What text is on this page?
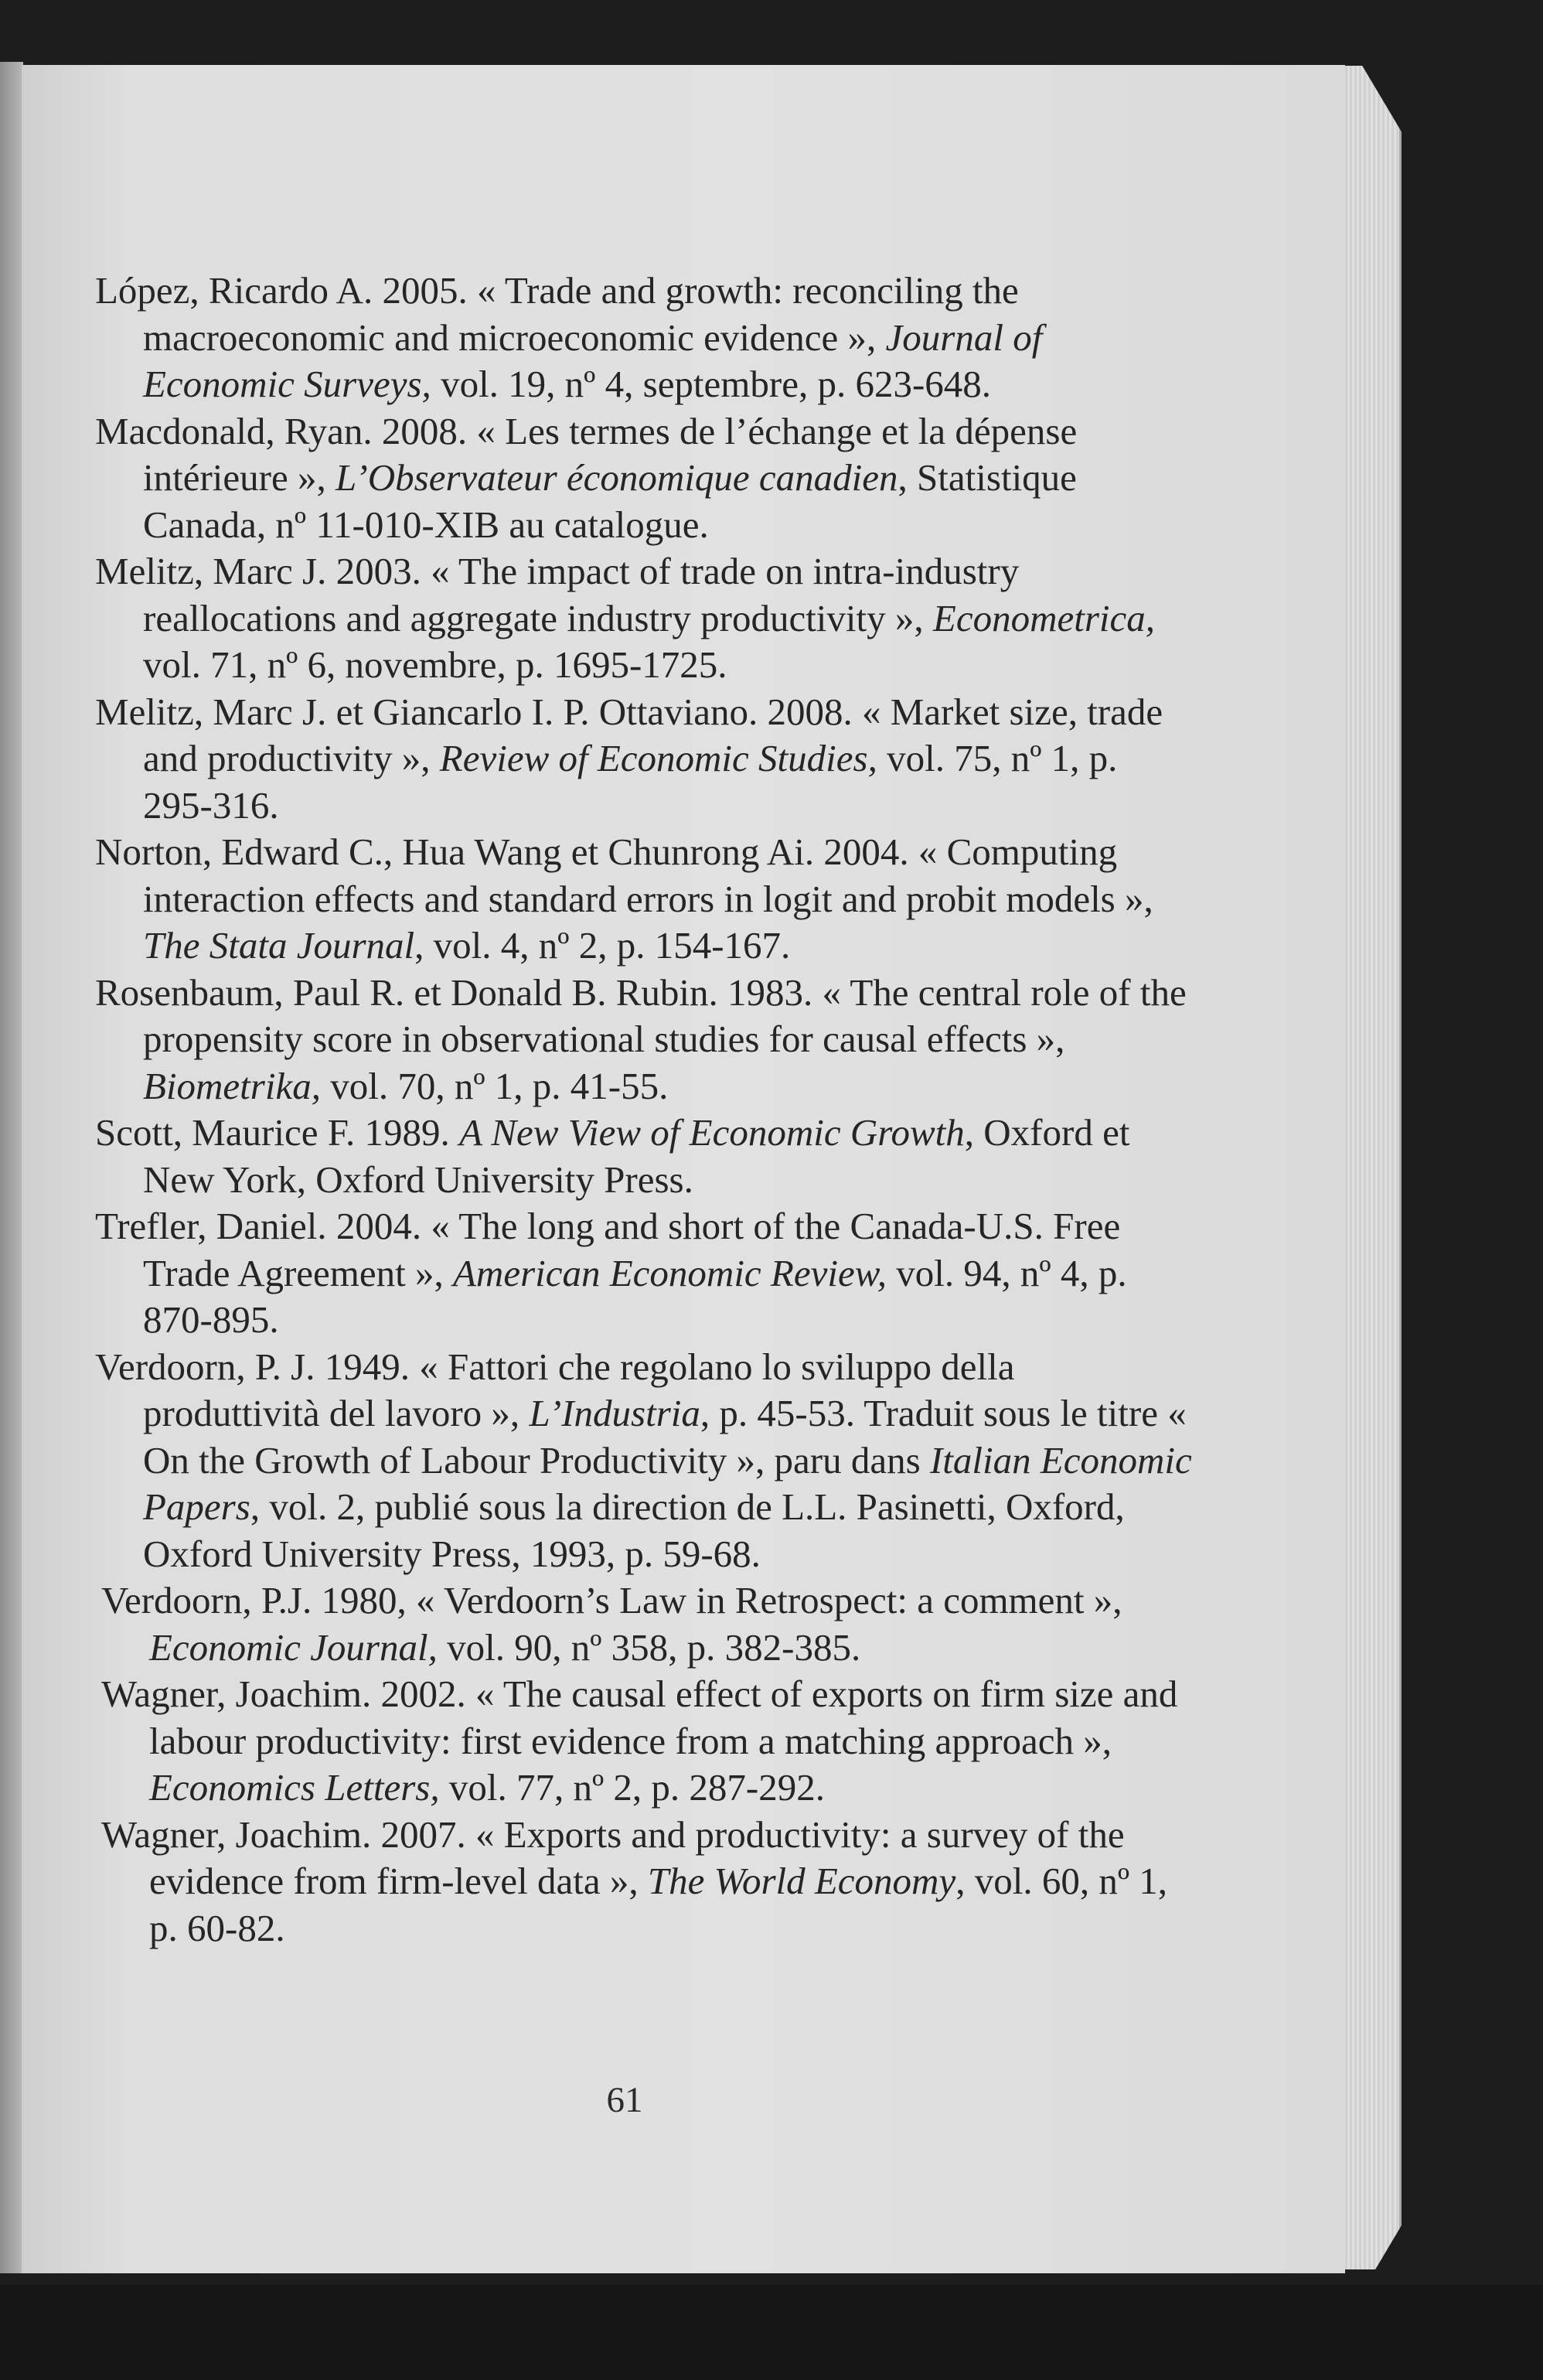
López, Ricardo A. 2005. « Trade and growth: reconciling the macroeconomic and microeconomic evidence », Journal of Economic Surveys, vol. 19, nº 4, septembre, p. 623-648.

Macdonald, Ryan. 2008. « Les termes de l’échange et la dépense intérieure », L’Observateur économique canadien, Statistique Canada, nº 11-010-XIB au catalogue.

Melitz, Marc J. 2003. « The impact of trade on intra-industry reallocations and aggregate industry productivity », Econometrica, vol. 71, nº 6, novembre, p. 1695-1725.

Melitz, Marc J. et Giancarlo I. P. Ottaviano. 2008. « Market size, trade and productivity », Review of Economic Studies, vol. 75, nº 1, p. 295-316.

Norton, Edward C., Hua Wang et Chunrong Ai. 2004. « Computing interaction effects and standard errors in logit and probit models », The Stata Journal, vol. 4, nº 2, p. 154-167.

Rosenbaum, Paul R. et Donald B. Rubin. 1983. « The central role of the propensity score in observational studies for causal effects », Biometrika, vol. 70, nº 1, p. 41-55.

Scott, Maurice F. 1989. A New View of Economic Growth, Oxford et New York, Oxford University Press.

Trefler, Daniel. 2004. « The long and short of the Canada-U.S. Free Trade Agreement », American Economic Review, vol. 94, nº 4, p. 870-895.

Verdoorn, P. J. 1949. « Fattori che regolano lo sviluppo della produttività del lavoro », L’Industria, p. 45-53. Traduit sous le titre « On the Growth of Labour Productivity », paru dans Italian Economic Papers, vol. 2, publié sous la direction de L.L. Pasinetti, Oxford, Oxford University Press, 1993, p. 59-68.

Verdoorn, P.J. 1980, « Verdoorn’s Law in Retrospect: a comment », Economic Journal, vol. 90, nº 358, p. 382-385.

Wagner, Joachim. 2002. « The causal effect of exports on firm size and labour productivity: first evidence from a matching approach », Economics Letters, vol. 77, nº 2, p. 287-292.

Wagner, Joachim. 2007. « Exports and productivity: a survey of the evidence from firm-level data », The World Economy, vol. 60, nº 1, p. 60-82.

61
